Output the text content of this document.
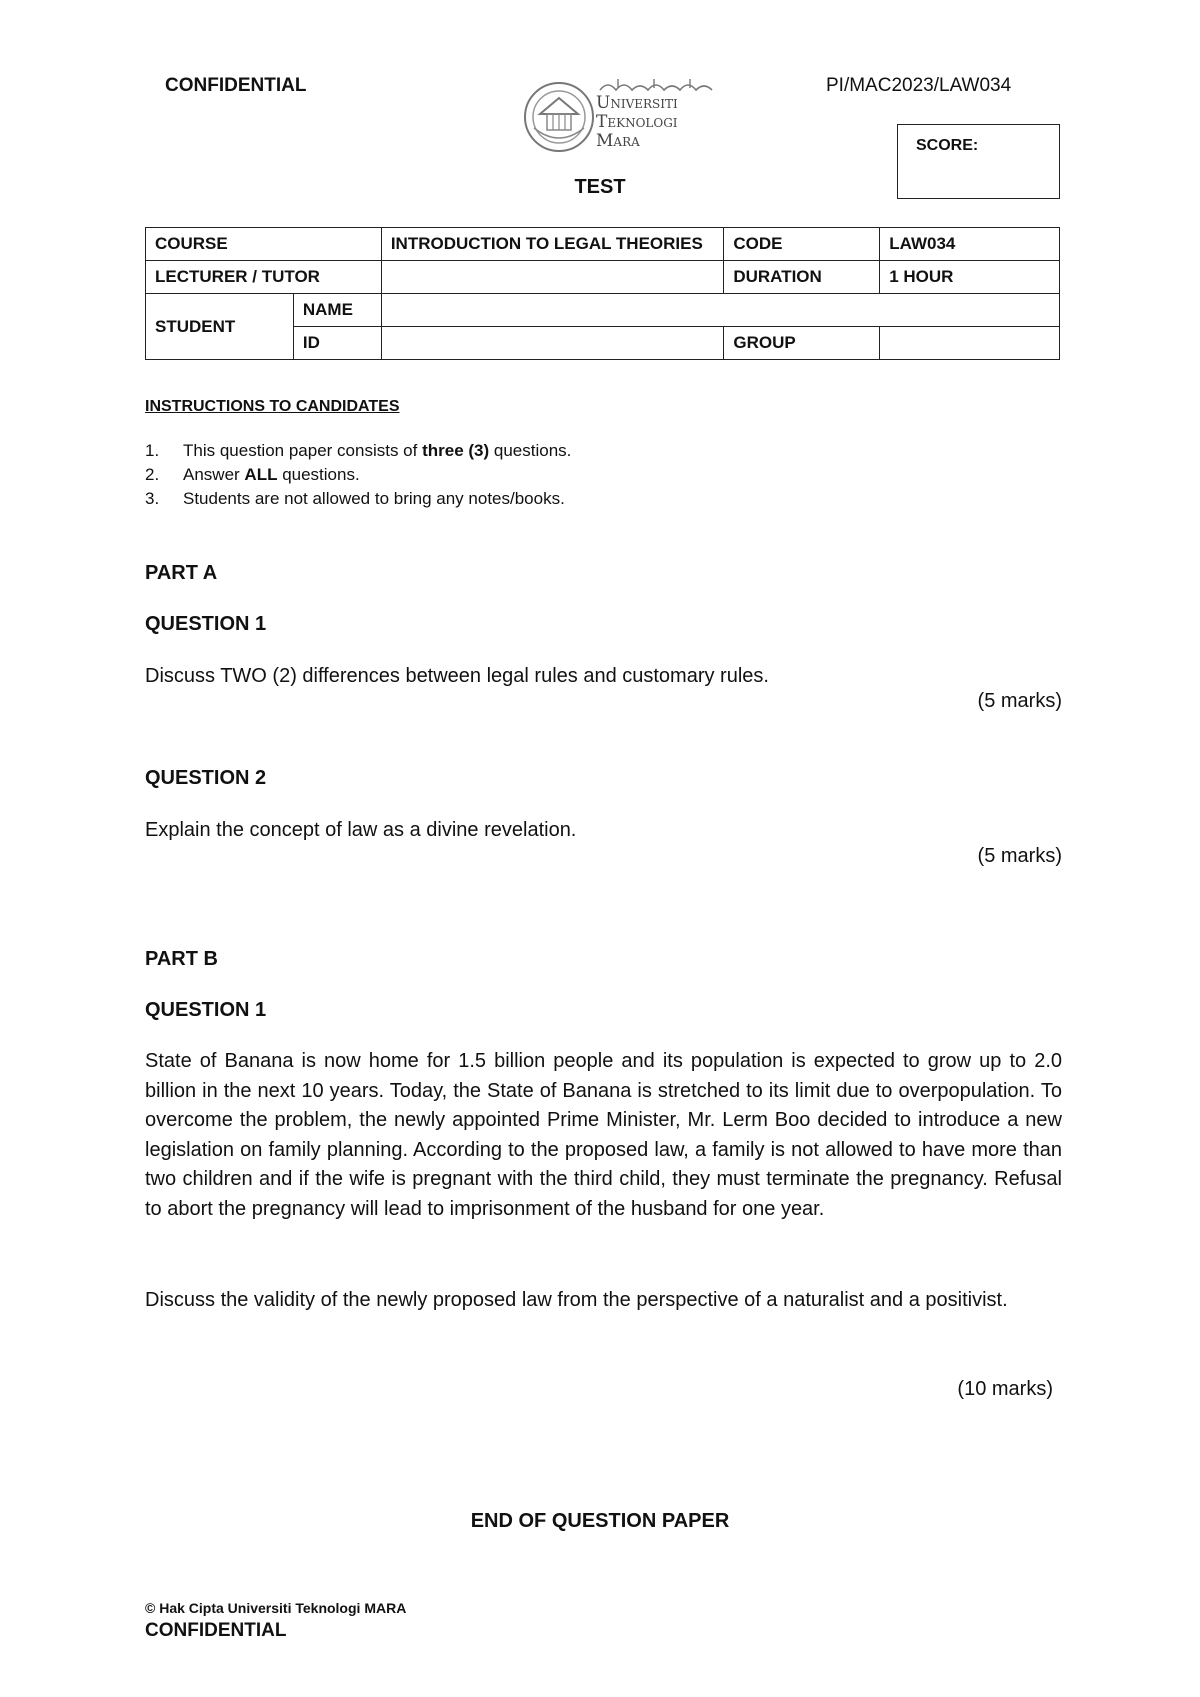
CONFIDENTIAL	PI/MAC2023/LAW034
Universiti
Teknologi
Mara	SCORE:
TEST
COURSE		INTRODUCTION TO LEGAL THEORIES	CODE	LAW034
LECTURER / TUTOR			DURATION	1 HOUR
STUDENT	NAME			
	ID		GROUP	
INSTRUCTIONS TO CANDIDATES
1. This question paper consists of three (3) questions.
2. Answer ALL questions.
3. Students are not allowed to bring any notes/books.
PART A
QUESTION 1
Discuss TWO (2) differences between legal rules and customary rules.
(5 marks)
QUESTION 2
Explain the concept of law as a divine revelation.
(5 marks)
PART B
QUESTION 1
State of Banana is now home for 1.5 billion people and its population is expected to grow up to 2.0 billion in the next 10 years. Today, the State of Banana is stretched to its limit due to overpopulation. To overcome the problem, the newly appointed Prime Minister, Mr. Lerm Boo decided to introduce a new legislation on family planning. According to the proposed law, a family is not allowed to have more than two children and if the wife is pregnant with the third child, they must terminate the pregnancy. Refusal to abort the pregnancy will lead to imprisonment of the husband for one year.
Discuss the validity of the newly proposed law from the perspective of a naturalist and a positivist.
(10 marks)
END OF QUESTION PAPER
© Hak Cipta Universiti Teknologi MARA
CONFIDENTIAL
